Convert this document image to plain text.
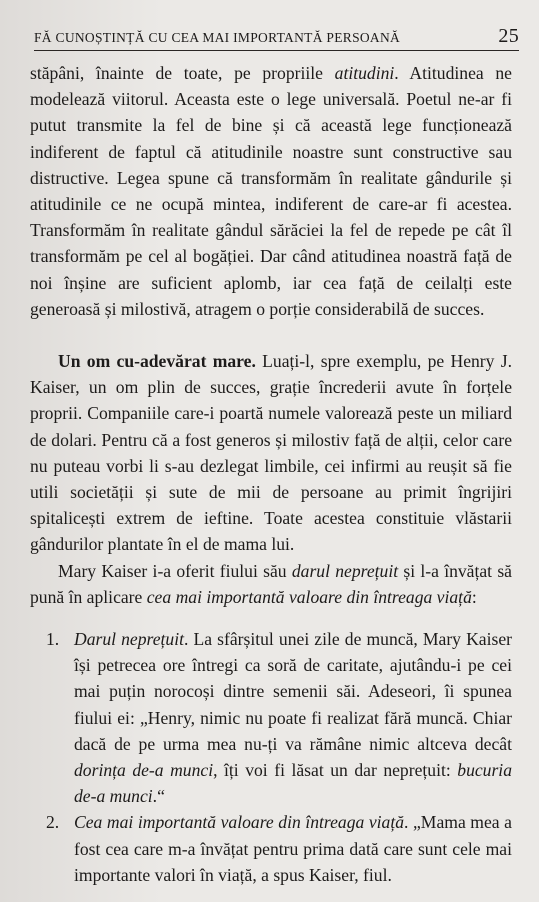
FĂ CUNOȘTINȚĂ CU CEA MAI IMPORTANTĂ PERSOANĂ	25

stăpâni, înainte de toate, pe propriile atitudini. Atitudinea ne modelează viitorul. Aceasta este o lege universală. Poetul ne-ar fi putut transmite la fel de bine și că această lege funcționează indiferent de faptul că atitudinile noastre sunt constructive sau distructive. Legea spune că transformăm în realitate gândurile și atitudinile ce ne ocupă mintea, indiferent de care-ar fi acestea. Transformăm în realitate gândul sărăciei la fel de repede pe cât îl transformăm pe cel al bogăției. Dar când atitudinea noastră față de noi înșine are suficient aplomb, iar cea față de ceilalți este generoasă și milostivă, atragem o porție considerabilă de succes.

Un om cu-adevărat mare. Luați-l, spre exemplu, pe Henry J. Kaiser, un om plin de succes, grație încrederii avute în forțele proprii. Companiile care-i poartă numele valorează peste un miliard de dolari. Pentru că a fost generos și milostiv față de alții, celor care nu puteau vorbi li s-au dezlegat limbile, cei infirmi au reușit să fie utili societății și sute de mii de persoane au primit îngrijiri spitalicești extrem de ieftine. Toate acestea constituie vlăstarii gândurilor plantate în el de mama lui.

Mary Kaiser i-a oferit fiului său darul neprețuit și l-a învățat să pună în aplicare cea mai importantă valoare din întreaga viață:

1. Darul neprețuit. La sfârșitul unei zile de muncă, Mary Kaiser își petrecea ore întregi ca soră de caritate, ajutându-i pe cei mai puțin norocoși dintre semenii săi. Adeseori, îi spunea fiului ei: „Henry, nimic nu poate fi realizat fără muncă. Chiar dacă de pe urma mea nu-ți va rămâne nimic altceva decât dorința de-a munci, îți voi fi lăsat un dar neprețuit: bucuria de-a munci.“
2. Cea mai importantă valoare din întreaga viață. „Mama mea a fost cea care m-a învățat pentru prima dată care sunt cele mai importante valori în viață, a spus Kaiser, fiul.
